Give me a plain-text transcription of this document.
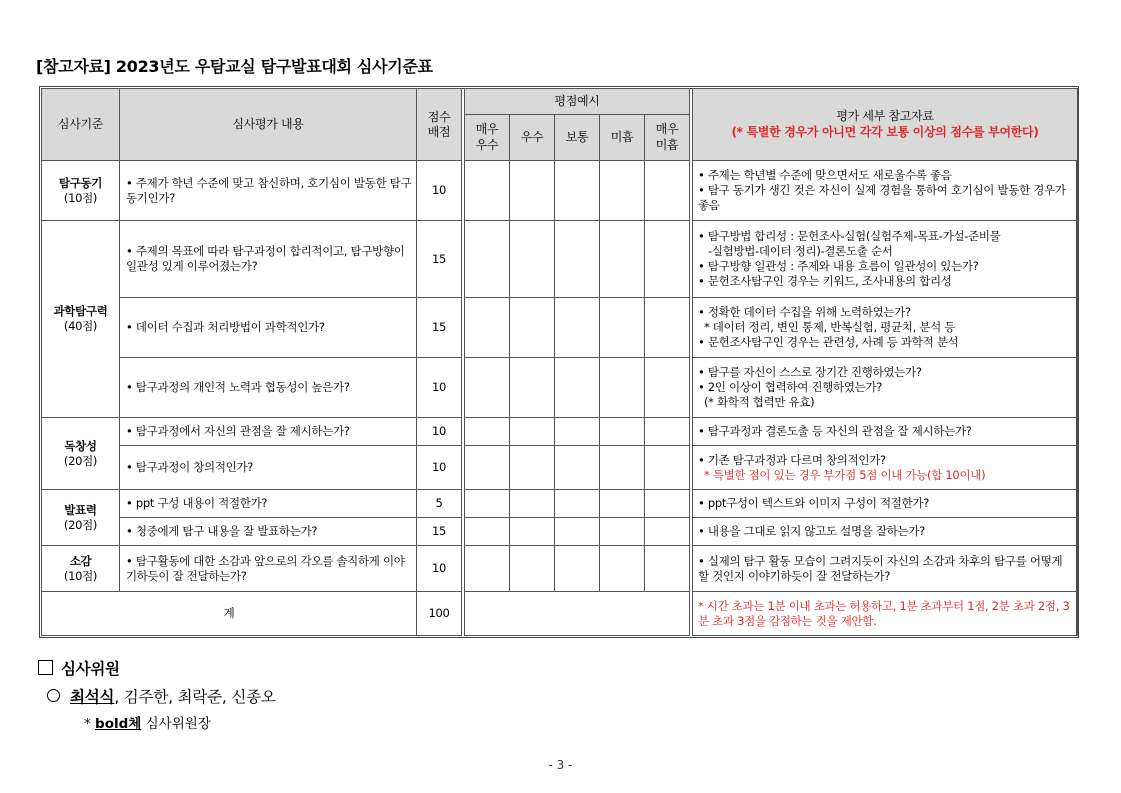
[참고자료] 2023년도 우탐교실 탐구발표대회 심사기준표
심사기준	심사평가 내용	점수 배점		평점예시						평가 세부 참고자료
(* 특별한 경우가 아니면 각각 보통 이상의 점수를 부여한다)

				매우 우수	우수	보통	미흡	매우 미흡		

탐구동기
(10점)	• 주제가 학년 수준에 맞고 참신하며, 호기심이 발동한 탐구동기인가?	10								• 주제는 학년별 수준에 맞으면서도 새로울수록 좋음
• 탐구 동기가 생긴 것은 자신이 실제 경험을 통하여 호기심이 발동한 경우가 좋음

과학탐구력
(40점)	• 주제의 목표에 따라 탐구과정이 합리적이고, 탐구방향이 일관성 있게 이루어졌는가?	15								• 탐구방법 합리성 : 문헌조사-실험(실험주제-목표-가설-준비물
-실험방법-데이터 정리)-결론도출 순서
• 탐구방향 일관성 : 주제와 내용 흐름이 일관성이 있는가?
• 문헌조사탐구인 경우는 키워드, 조사내용의 합리성

	• 데이터 수집과 처리방법이 과학적인가?	15								• 정확한 데이터 수집을 위해 노력하였는가?
* 데이터 정리, 변인 통제, 반복실험, 평균치, 분석 등
• 문헌조사탐구인 경우는 관련성, 사례 등 과학적 분석

	• 탐구과정의 개인적 노력과 협동성이 높은가?	10								• 탐구를 자신이 스스로 장기간 진행하였는가?
• 2인 이상이 협력하여 진행하였는가?
(* 화학적 협력만 유효)

독창성
(20점)	• 탐구과정에서 자신의 관점을 잘 제시하는가?	10								• 탐구과정과 결론도출 등 자신의 관점을 잘 제시하는가?

	• 탐구과정이 창의적인가?	10								• 기존 탐구과정과 다르며 창의적인가?
* 특별한 점이 있는 경우 부가점 5점 이내 가능(합 10이내)

발표력
(20점)	• ppt 구성 내용이 적절한가?	5								• ppt구성이 텍스트와 이미지 구성이 적절한가?

	• 청중에게 탐구 내용을 잘 발표하는가?	15								• 내용을 그대로 읽지 않고도 설명을 잘하는가?

소감
(10점)	• 탐구활동에 대한 소감과 앞으로의 각오를 솔직하게 이야기하듯이 잘 전달하는가?	10								• 실제의 탐구 활동 모습이 그려지듯이 자신의 소감과 차후의 탐구를 어떻게 할 것인지 이야기하듯이 잘 전달하는가?
계		100								* 시간 초과는 1분 이내 초과는 허용하고, 1분 초과부터 1점, 2분 초과 2점, 3분 초과 3점을 감점하는 것을 제안함.
심사위원
최석식, 김주한, 최락준, 신종오
* bold체 심사위원장
- 3 -
